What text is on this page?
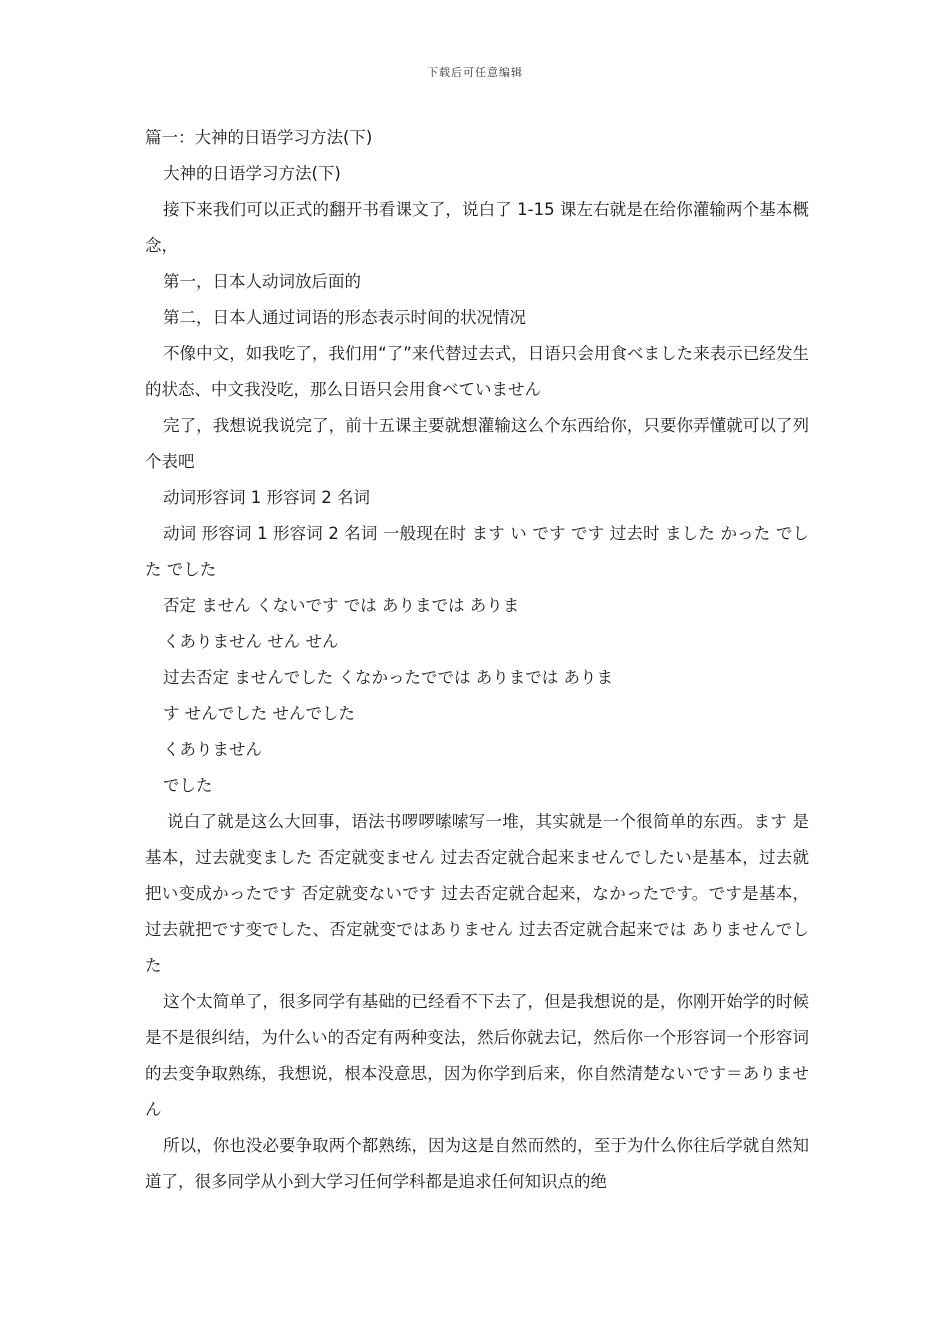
下载后可任意编辑

篇一：大神的日语学习方法(下)

大神的日语学习方法(下)

接下来我们可以正式的翻开书看课文了，说白了 1-15 课左右就是在给你灌输两个基本概念，

第一，日本人动词放后面的

第二，日本人通过词语的形态表示时间的状况情况

不像中文，如我吃了，我们用“了”来代替过去式，日语只会用食べました来表示已经发生的状态、中文我没吃，那么日语只会用食べていません

完了，我想说我说完了，前十五课主要就想灌输这么个东西给你，只要你弄懂就可以了列个表吧

动词形容词 1 形容词 2 名词

动词 形容词 1 形容词 2 名词 一般现在时 ます い です です 过去时 ました かった でした でした

否定 ません くないです では ありまでは ありま

くありません せん せん

过去否定 ませんでした くなかったででは ありまでは ありま

す せんでした せんでした

くありません

でした

说白了就是这么大回事，语法书啰啰嗦嗦写一堆，其实就是一个很简单的东西。ます 是基本，过去就变ました 否定就变ません 过去否定就合起来ませんでしたい是基本，过去就把い变成かったです 否定就变ないです 过去否定就合起来，なかったです。です是基本，过去就把です变でした、否定就变ではありません 过去否定就合起来では ありませんでした

这个太简单了，很多同学有基础的已经看不下去了，但是我想说的是，你刚开始学的时候是不是很纠结，为什么い的否定有两种变法，然后你就去记，然后你一个形容词一个形容词的去变争取熟练，我想说，根本没意思，因为你学到后来，你自然清楚ないです＝ありません

所以，你也没必要争取两个都熟练，因为这是自然而然的，至于为什么你往后学就自然知道了，很多同学从小到大学习任何学科都是追求任何知识点的绝
